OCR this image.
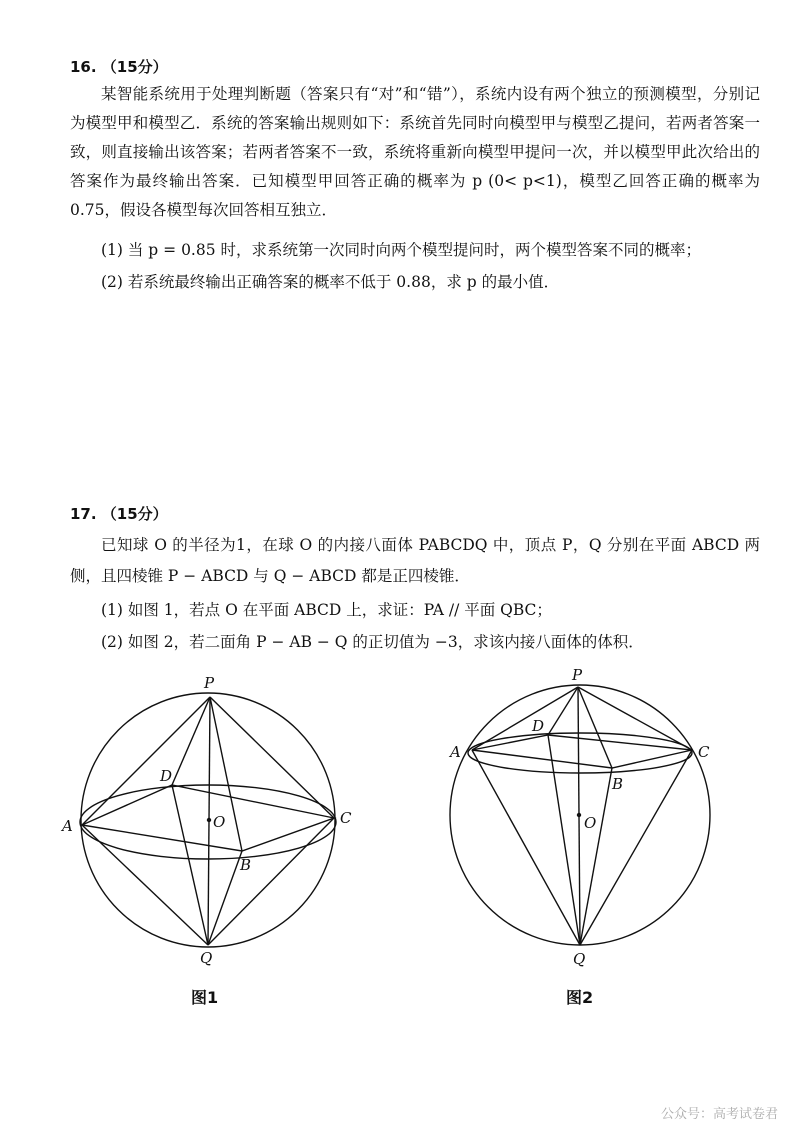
16. （15分）
某智能系统用于处理判断题（答案只有“对”和“错”），系统内设有两个独立的预测模型，分别记为模型甲和模型乙．系统的答案输出规则如下：系统首先同时向模型甲与模型乙提问，若两者答案一致，则直接输出该答案；若两者答案不一致，系统将重新向模型甲提问一次，并以模型甲此次给出的答案作为最终输出答案．已知模型甲回答正确的概率为 p (0< p<1)，模型乙回答正确的概率为0.75，假设各模型每次回答相互独立．
(1) 当 p = 0.85 时，求系统第一次同时向两个模型提问时，两个模型答案不同的概率；
(2) 若系统最终输出正确答案的概率不低于 0.88，求 p 的最小值．
17. （15分）
已知球 O 的半径为1，在球 O 的内接八面体 PABCDQ 中，顶点 P，Q 分别在平面 ABCD 两侧，且四棱锥 P − ABCD 与 Q − ABCD 都是正四棱锥．
(1) 如图 1，若点 O 在平面 ABCD 上，求证：PA // 平面 QBC；
(2) 如图 2，若二面角 P − AB − Q 的正切值为 −3，求该内接八面体的体积．
P
A
B
C
D
O
Q
图1
P
A
B
C
D
O
Q
图2
公众号：高考试卷君
